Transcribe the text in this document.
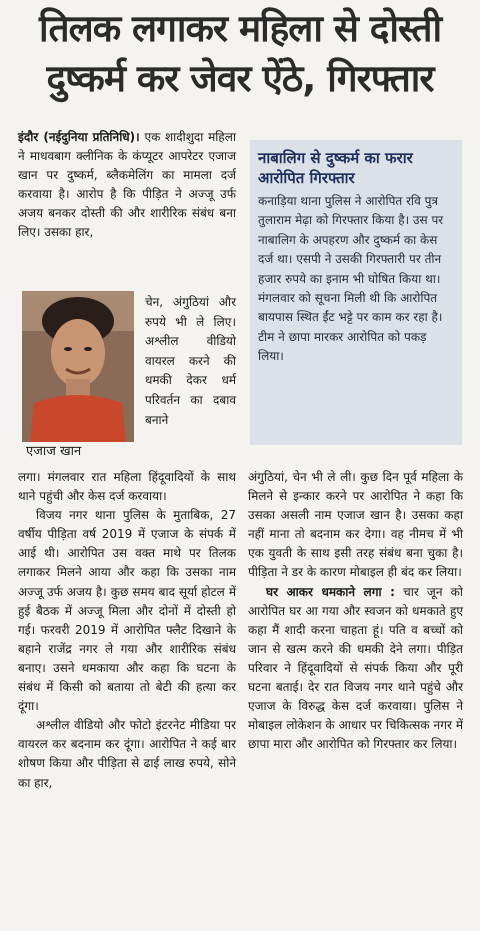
तिलक लगाकर महिला से दोस्ती
दुष्कर्म कर जेवर ऐंठे, गिरफ्तार

इंदौर (नईदुनिया प्रतिनिधि)। एक शादीशुदा महिला ने माधवबाग क्लीनिक के कंप्यूटर आपरेटर एजाज खान पर दुष्कर्म, ब्लैकमेलिंग का मामला दर्ज करवाया है। आरोप है कि पीड़ित ने अज्जू उर्फ अजय बनकर दोस्ती की और शारीरिक संबंध बना लिए। उसका हार,

एजाज खान

चेन, अंगुठियां और रुपये भी ले लिए। अश्लील वीडियो वायरल करने की धमकी देकर धर्म परिवर्तन का दबाव बनाने

लगा। मंगलवार रात महिला हिंदूवादियों के साथ थाने पहुंची और केस दर्ज करवाया।

विजय नगर थाना पुलिस के मुताबिक, 27 वर्षीय पीड़िता वर्ष 2019 में एजाज के संपर्क में आई थी। आरोपित उस वक्त माथे पर तिलक लगाकर मिलने आया और कहा कि उसका नाम अज्जू उर्फ अजय है। कुछ समय बाद सूर्या होटल में हुई बैठक में अज्जू मिला और दोनों में दोस्ती हो गई। फरवरी 2019 में आरोपित फ्लैट दिखाने के बहाने राजेंद्र नगर ले गया और शारीरिक संबंध बनाए। उसने धमकाया और कहा कि घटना के संबंध में किसी को बताया तो बेटी की हत्या कर दूंगा।

अश्लील वीडियो और फोटो इंटरनेट मीडिया पर वायरल कर बदनाम कर दूंगा। आरोपित ने कई बार शोषण किया और पीड़िता से ढाई लाख रुपये, सोने का हार,

नाबालिग से दुष्कर्म का फरार आरोपित गिरफ्तार

कनाड़िया थाना पुलिस ने आरोपित रवि पुत्र तुलाराम मेढ़ा को गिरफ्तार किया है। उस पर नाबालिग के अपहरण और दुष्कर्म का केस दर्ज था। एसपी ने उसकी गिरफ्तारी पर तीन हजार रुपये का इनाम भी घोषित किया था। मंगलवार को सूचना मिली थी कि आरोपित बायपास स्थित ईंट भट्टे पर काम कर रहा है। टीम ने छापा मारकर आरोपित को पकड़ लिया।

अंगुठियां, चेन भी ले ली। कुछ दिन पूर्व महिला के मिलने से इन्कार करने पर आरोपित ने कहा कि उसका असली नाम एजाज खान है। उसका कहा नहीं माना तो बदनाम कर देगा। वह नीमच में भी एक युवती के साथ इसी तरह संबंध बना चुका है। पीड़िता ने डर के कारण मोबाइल ही बंद कर लिया।

घर आकर धमकाने लगा : चार जून को आरोपित घर आ गया और स्वजन को धमकाते हुए कहा मैं शादी करना चाहता हूं। पति व बच्चों को जान से खत्म करने की धमकी देने लगा। पीड़ित परिवार ने हिंदूवादियों से संपर्क किया और पूरी घटना बताई। देर रात विजय नगर थाने पहुंचे और एजाज के विरुद्ध केस दर्ज करवाया। पुलिस ने मोबाइल लोकेशन के आधार पर चिकित्सक नगर में छापा मारा और आरोपित को गिरफ्तार कर लिया।
